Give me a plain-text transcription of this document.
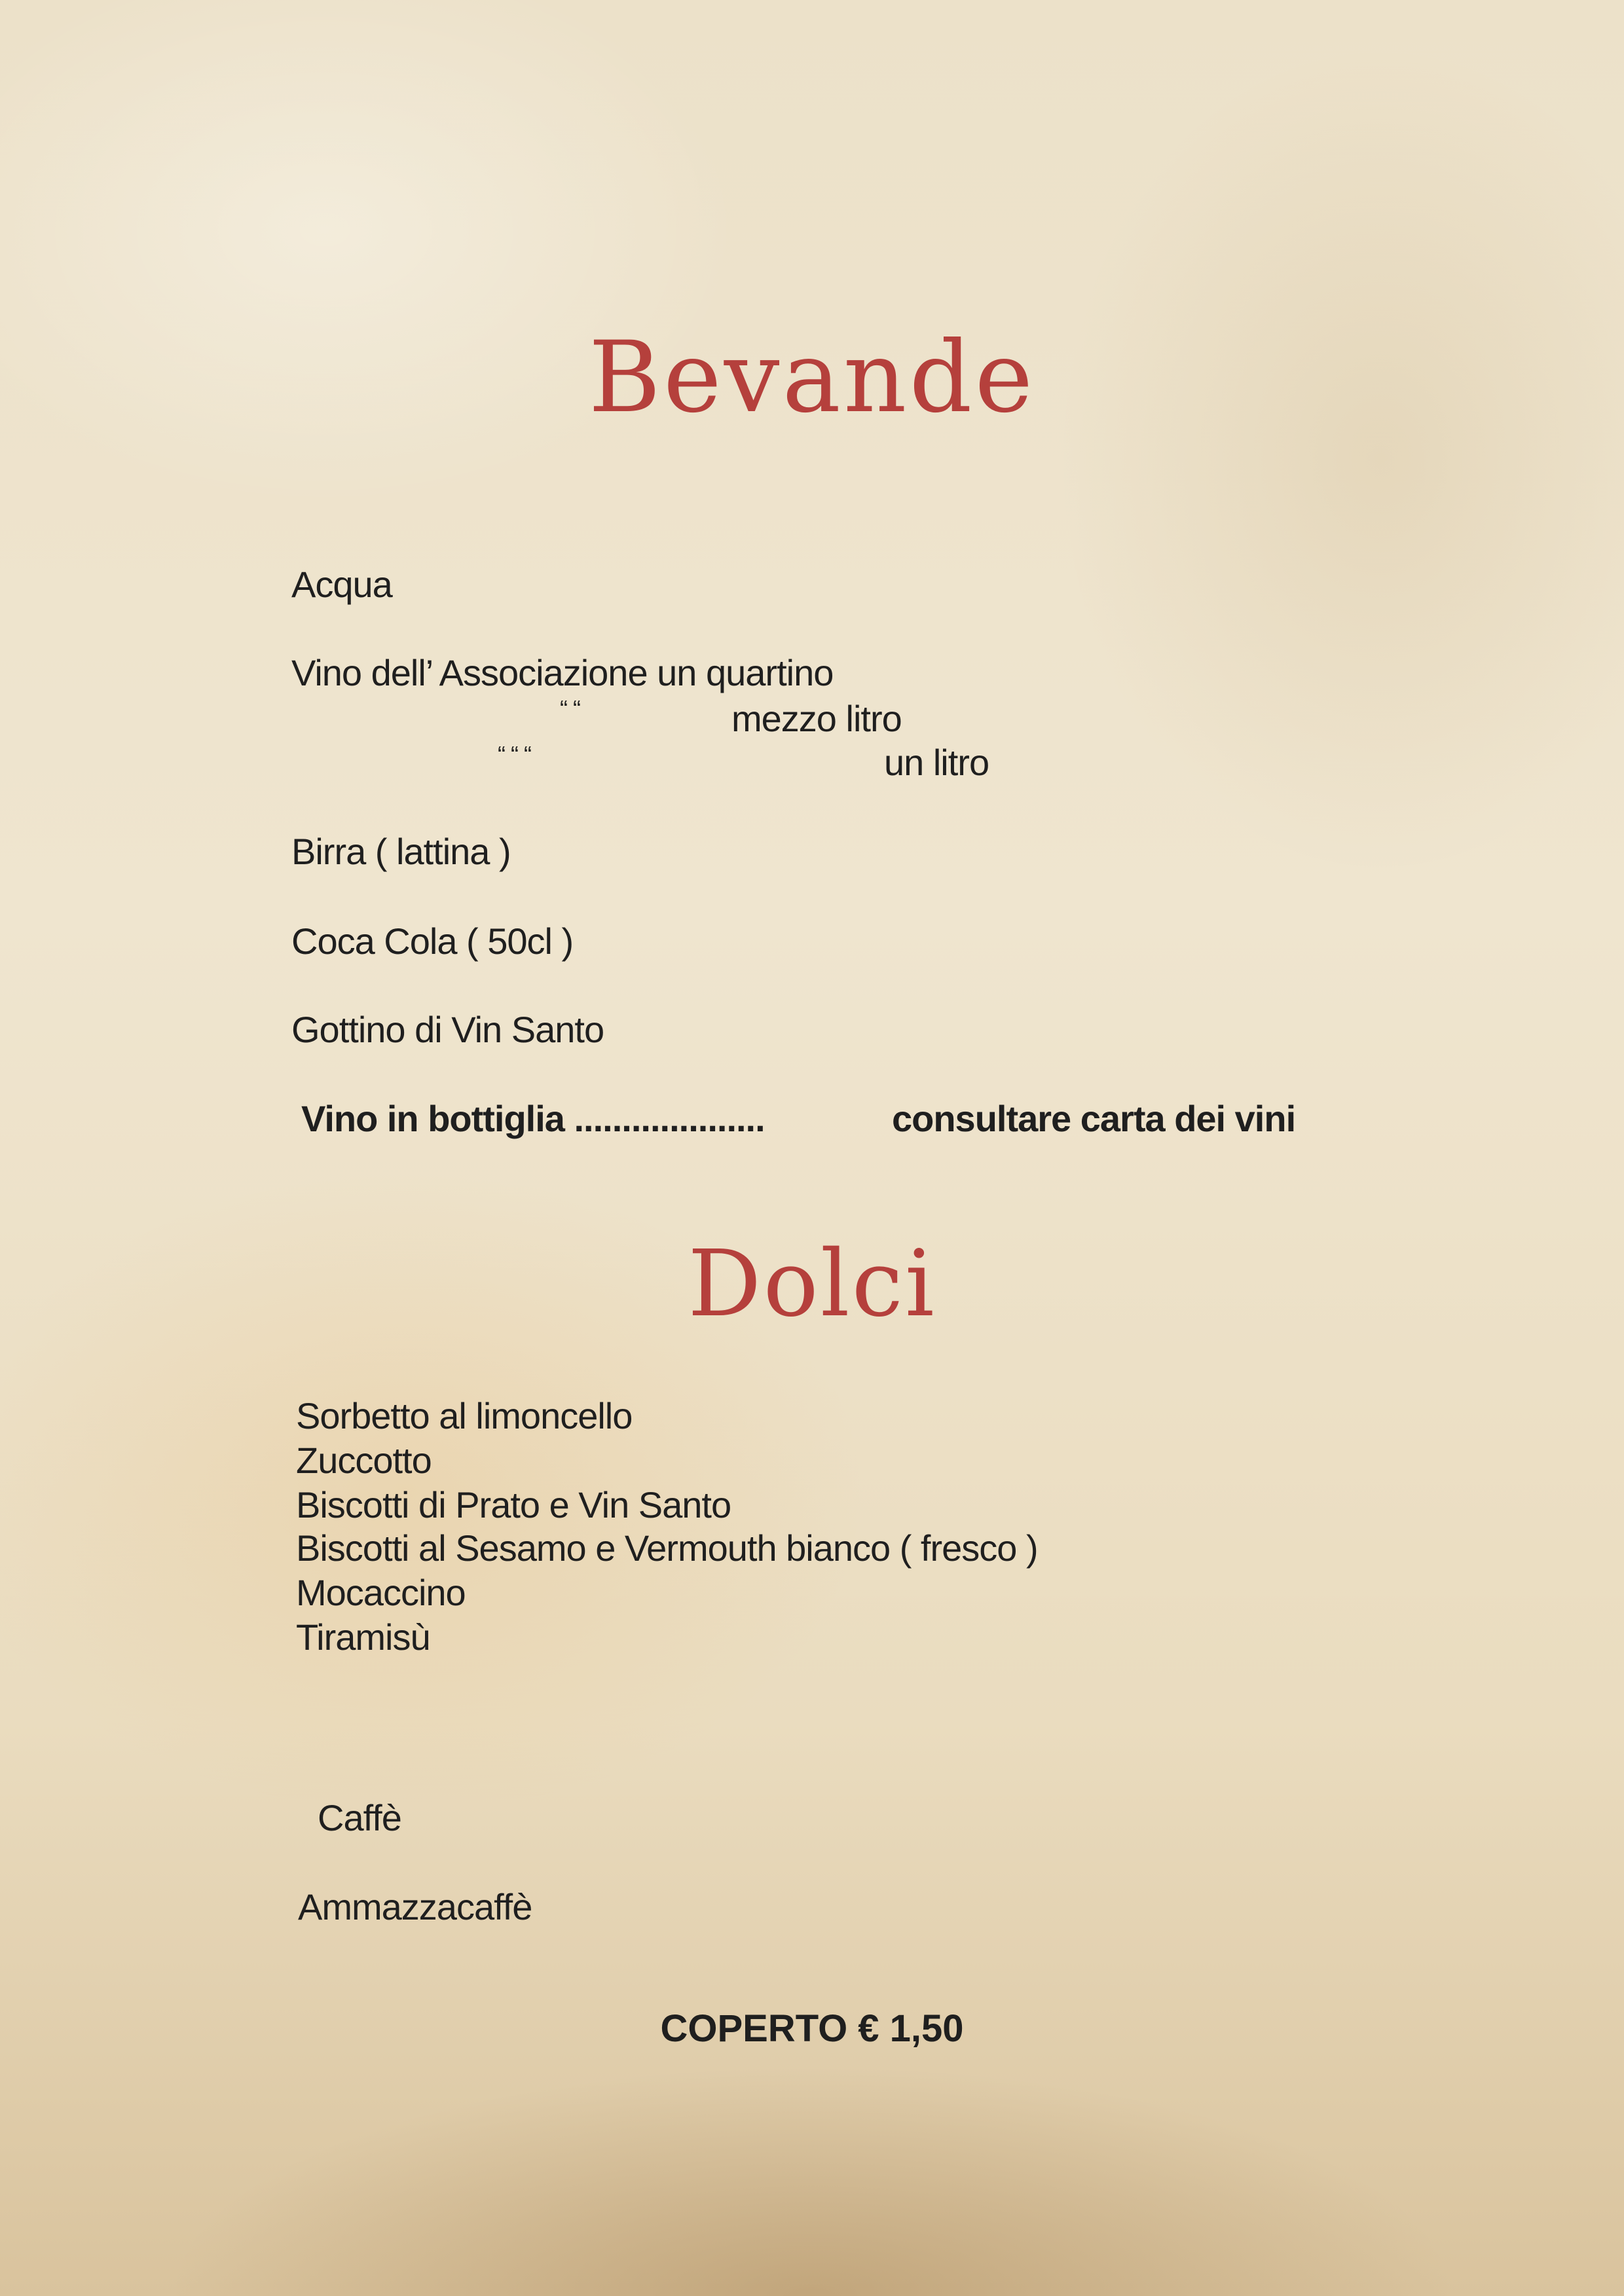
Bevande
Acqua
Vino dell’ Associazione un quartino
“ “	mezzo litro
“ “ “	un litro
Birra ( lattina )
Coca Cola ( 50cl )
Gottino di Vin Santo
Vino in bottiglia ....................	consultare carta dei vini
Dolci
Sorbetto al limoncello
Zuccotto
Biscotti di Prato e Vin Santo
Biscotti al Sesamo e Vermouth bianco ( fresco )
Mocaccino
Tiramisù
Caffè
Ammazzacaffè
COPERTO € 1,50
